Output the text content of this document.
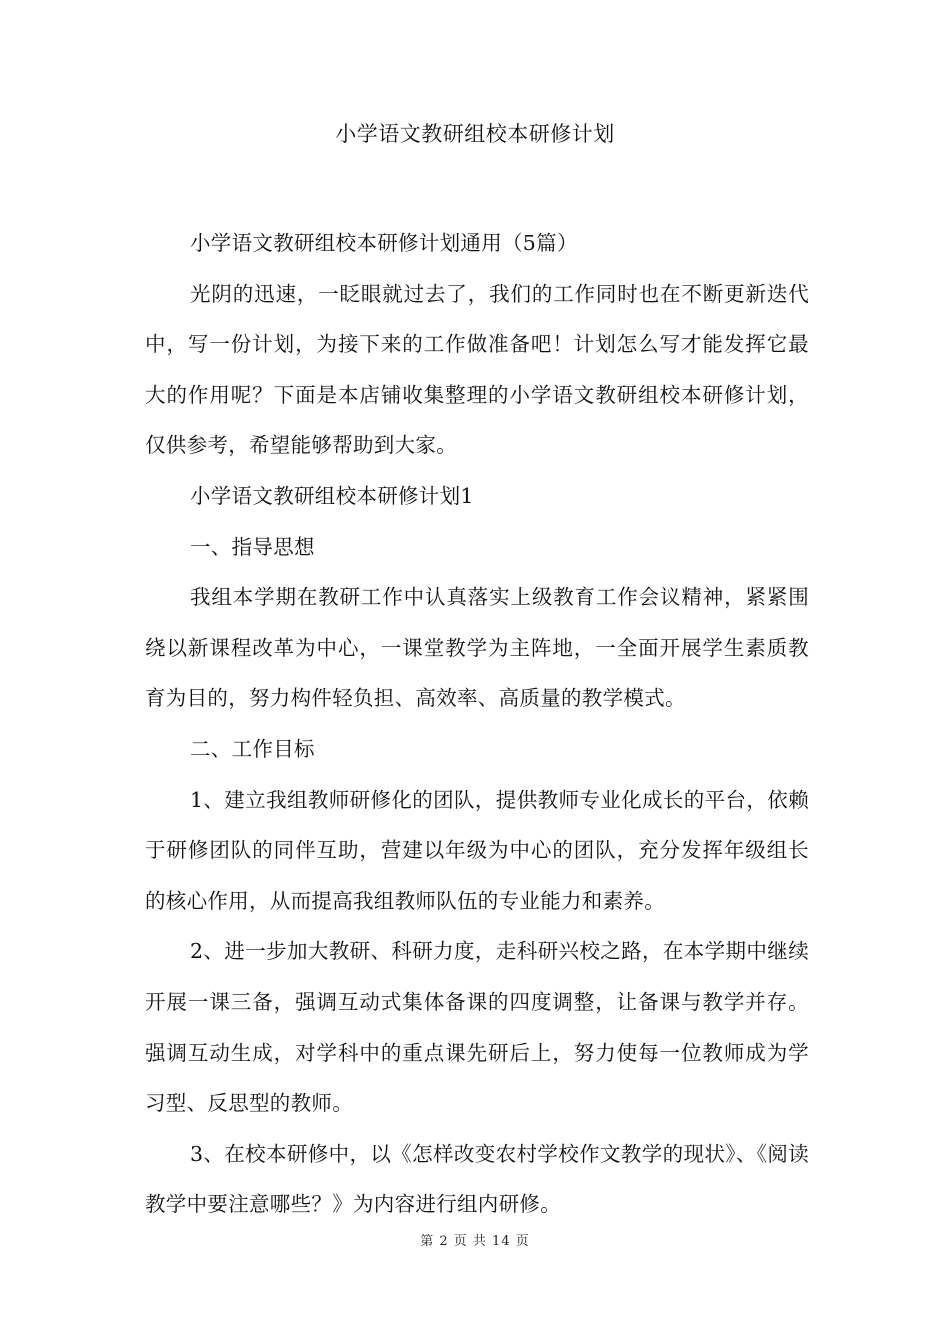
小学语文教研组校本研修计划

小学语文教研组校本研修计划通用（5篇）

光阴的迅速，一眨眼就过去了，我们的工作同时也在不断更新迭代中，写一份计划，为接下来的工作做准备吧！计划怎么写才能发挥它最大的作用呢？下面是本店铺收集整理的小学语文教研组校本研修计划，仅供参考，希望能够帮助到大家。

小学语文教研组校本研修计划1

一、指导思想

我组本学期在教研工作中认真落实上级教育工作会议精神，紧紧围绕以新课程改革为中心，一课堂教学为主阵地，一全面开展学生素质教育为目的，努力构件轻负担、高效率、高质量的教学模式。

二、工作目标

1、建立我组教师研修化的团队，提供教师专业化成长的平台，依赖于研修团队的同伴互助，营建以年级为中心的团队，充分发挥年级组长的核心作用，从而提高我组教师队伍的专业能力和素养。

2、进一步加大教研、科研力度，走科研兴校之路，在本学期中继续开展一课三备，强调互动式集体备课的四度调整，让备课与教学并存。强调互动生成，对学科中的重点课先研后上，努力使每一位教师成为学习型、反思型的教师。

3、在校本研修中，以《怎样改变农村学校作文教学的现状》、《阅读教学中要注意哪些？》为内容进行组内研修。

第 2 页 共 14 页
